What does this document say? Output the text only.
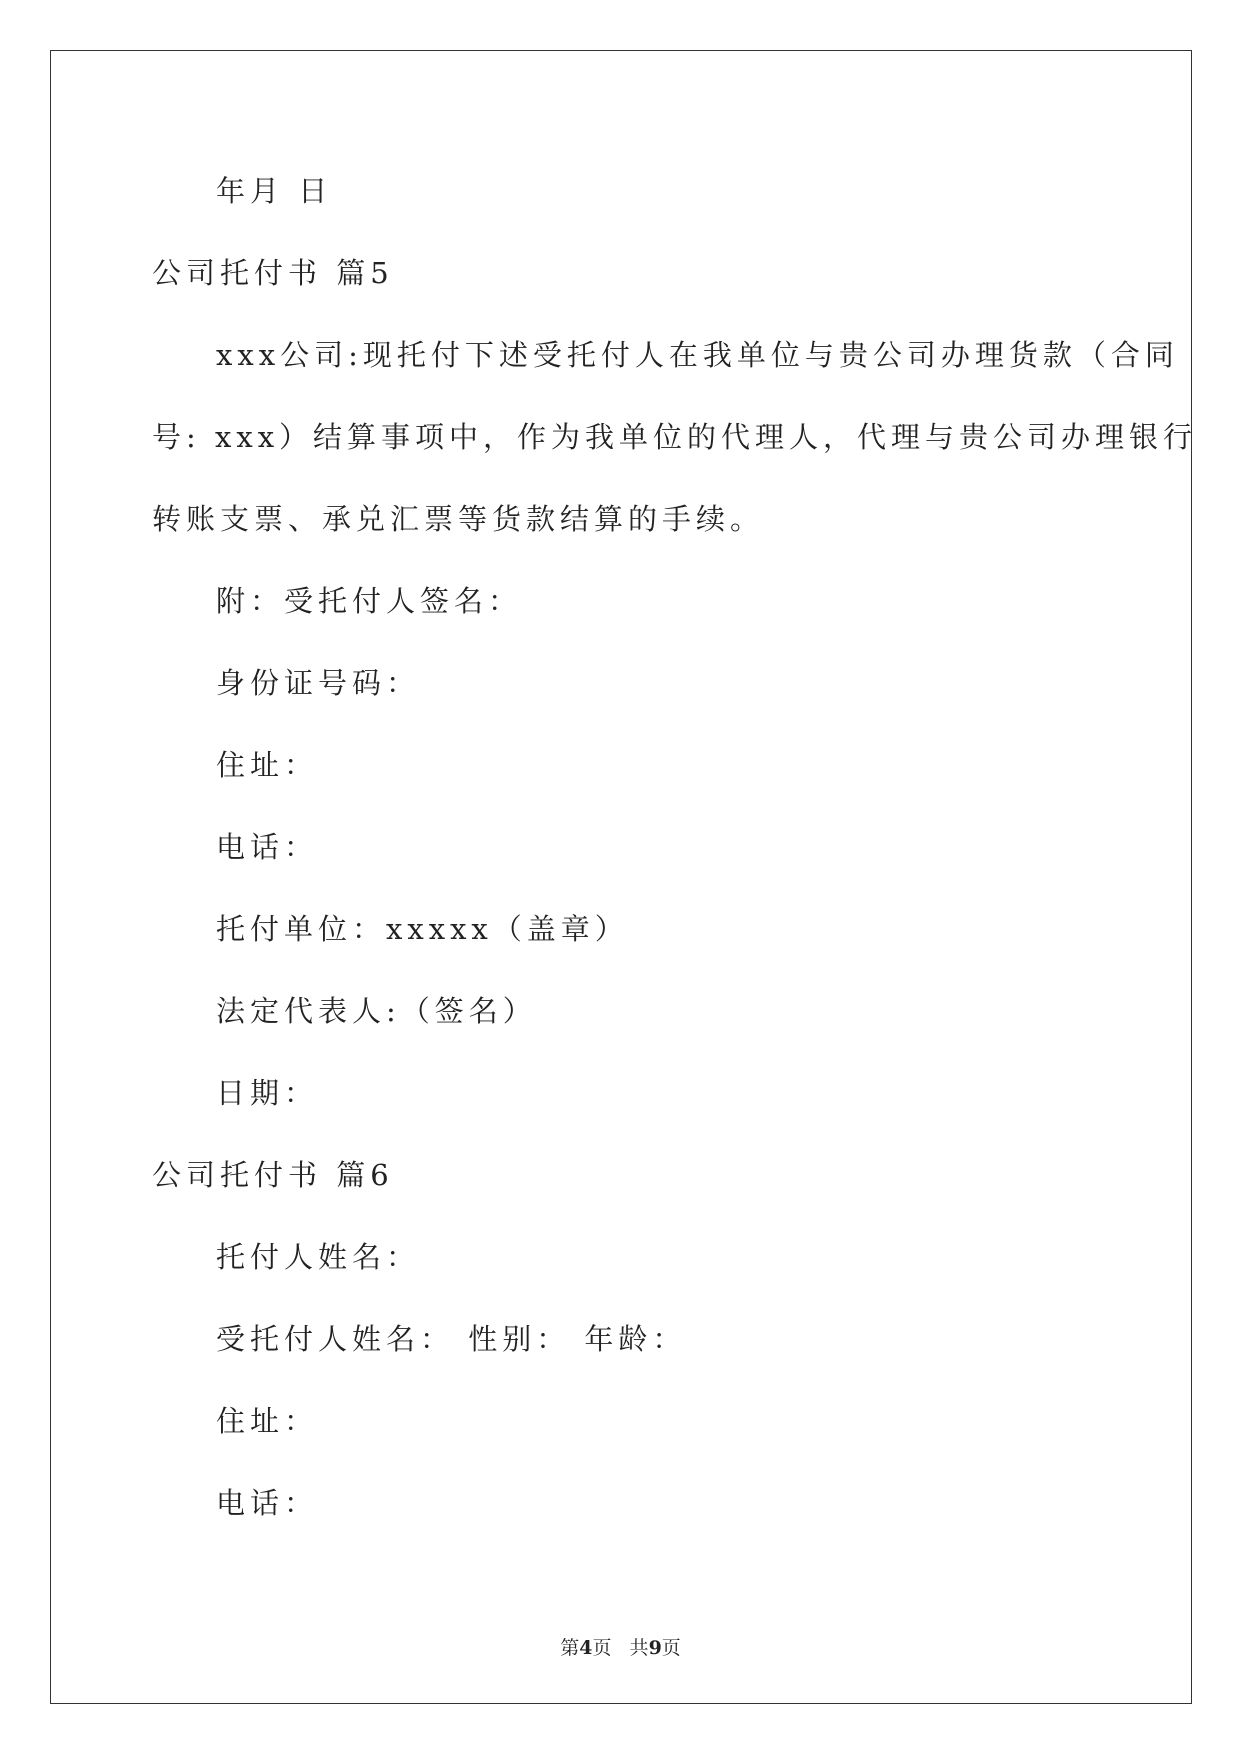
年月 日
公司托付书 篇5
xxx公司:现托付下述受托付人在我单位与贵公司办理货款（合同
号: xxx）结算事项中，作为我单位的代理人，代理与贵公司办理银行
转账支票、承兑汇票等货款结算的手续。
附：受托付人签名：
身份证号码：
住址：
电话：
托付单位：xxxxx（盖章）
法定代表人:（签名）
日期：
公司托付书 篇6
托付人姓名：
受托付人姓名： 性别： 年龄：
住址：
电话：
第4页   共9页
